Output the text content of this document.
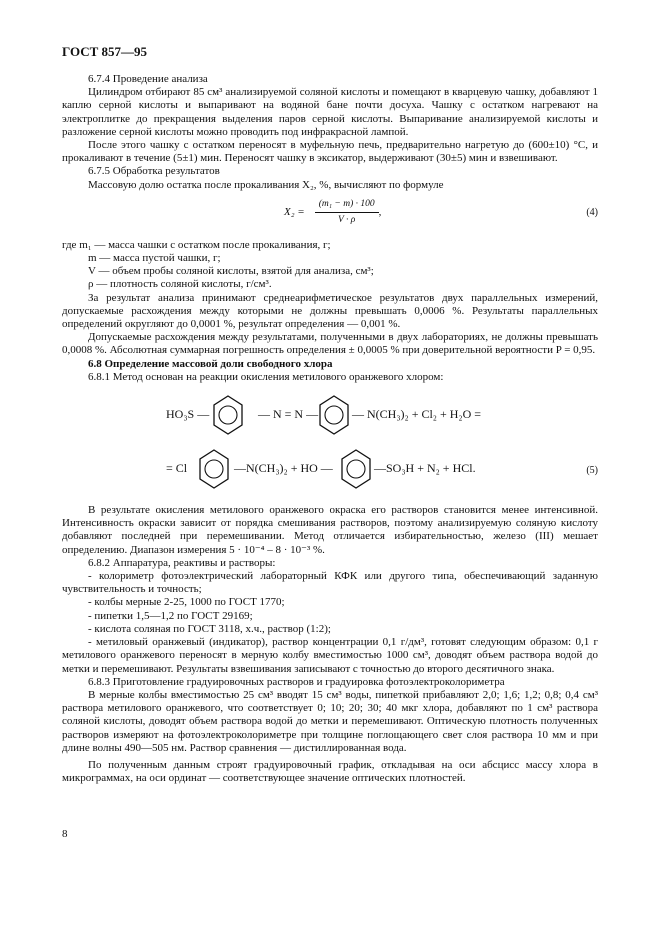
ГОСТ 857—95

6.7.4 Проведение анализа

Цилиндром отбирают 85 см³ анализируемой соляной кислоты и помещают в кварцевую чашку, добавляют 1 каплю серной кислоты и выпаривают на водяной бане почти досуха. Чашку с остатком нагревают на электроплитке до прекращения выделения паров серной кислоты. Выпаривание анализируемой кислоты и разложение серной кислоты можно проводить под инфракрасной лампой.

После этого чашку с остатком переносят в муфельную печь, предварительно нагретую до (600±10) °С, и прокаливают в течение (5±1) мин. Переносят чашку в эксикатор, выдерживают (30±5) мин и взвешивают.

6.7.5 Обработка результатов

Массовую долю остатка после прокаливания X₂, %, вычисляют по формуле

$X_2 = \frac{\text{(m₁ − m) · 100}}{V \cdot \rho}$ ,	(4)

где m₁ — масса чашки с остатком после прокаливания, г;

m — масса пустой чашки, г;

V — объем пробы соляной кислоты, взятой для анализа, см³;

ρ — плотность соляной кислоты, г/см³.

За результат анализа принимают среднеарифметическое результатов двух параллельных измерений, допускаемые расхождения между которыми не должны превышать 0,0006 %. Результаты параллельных определений округляют до 0,0001 %, результат определения — 0,001 %.

Допускаемые расхождения между результатами, полученными в двух лабораториях, не должны превышать 0,0008 %. Абсолютная суммарная погрешность определения ± 0,0005 % при доверительной вероятности P = 0,95.

6.8 Определение массовой доли свободного хлора

6.8.1 Метод основан на реакции окисления метилового оранжевого хлором:

HO₃S —	— N = N —	— N(CH₃)₂ + Cl₂ + H₂O =
= Cl	—N(CH₃)₂ + HO —	—SO₃H + N₂ + HCl.	(5)

В результате окисления метилового оранжевого окраска его растворов становится менее интенсивной. Интенсивность окраски зависит от порядка смешивания растворов, поэтому анализируемую соляную кислоту добавляют последней при перемешивании. Метод отличается избирательностью, железо (III) мешает определению. Диапазон измерения 5 · 10⁻⁴ – 8 · 10⁻³ %.

6.8.2 Аппаратура, реактивы и растворы:

- колориметр фотоэлектрический лабораторный КФК или другого типа, обеспечивающий заданную чувствительность и точность;

- колбы мерные 2-25, 1000 по ГОСТ 1770;

- пипетки 1,5—1,2 по ГОСТ 29169;

- кислота соляная по ГОСТ 3118, х.ч., раствор (1:2);

- метиловый оранжевый (индикатор), раствор концентрации 0,1 г/дм³, готовят следующим образом: 0,1 г метилового оранжевого переносят в мерную колбу вместимостью 1000 см³, доводят объем раствора водой до метки и перемешивают. Результаты взвешивания записывают с точностью до второго десятичного знака.

6.8.3 Приготовление градуировочных растворов и градуировка фотоэлектроколориметра

В мерные колбы вместимостью 25 см³ вводят 15 см³ воды, пипеткой прибавляют 2,0; 1,6; 1,2; 0,8; 0,4 см³ раствора метилового оранжевого, что соответствует 0; 10; 20; 30; 40 мкг хлора, добавляют по 1 см³ раствора соляной кислоты, доводят объем раствора водой до метки и перемешивают. Оптическую плотность полученных растворов измеряют на фотоэлектроколориметре при толщине поглощающего свет слоя раствора 10 мм и при длине волны 490—505 нм. Раствор сравнения — дистиллированная вода.

По полученным данным строят градуировочный график, откладывая на оси абсцисс массу хлора в микрограммах, на оси ординат — соответствующее значение оптических плотностей.

8
